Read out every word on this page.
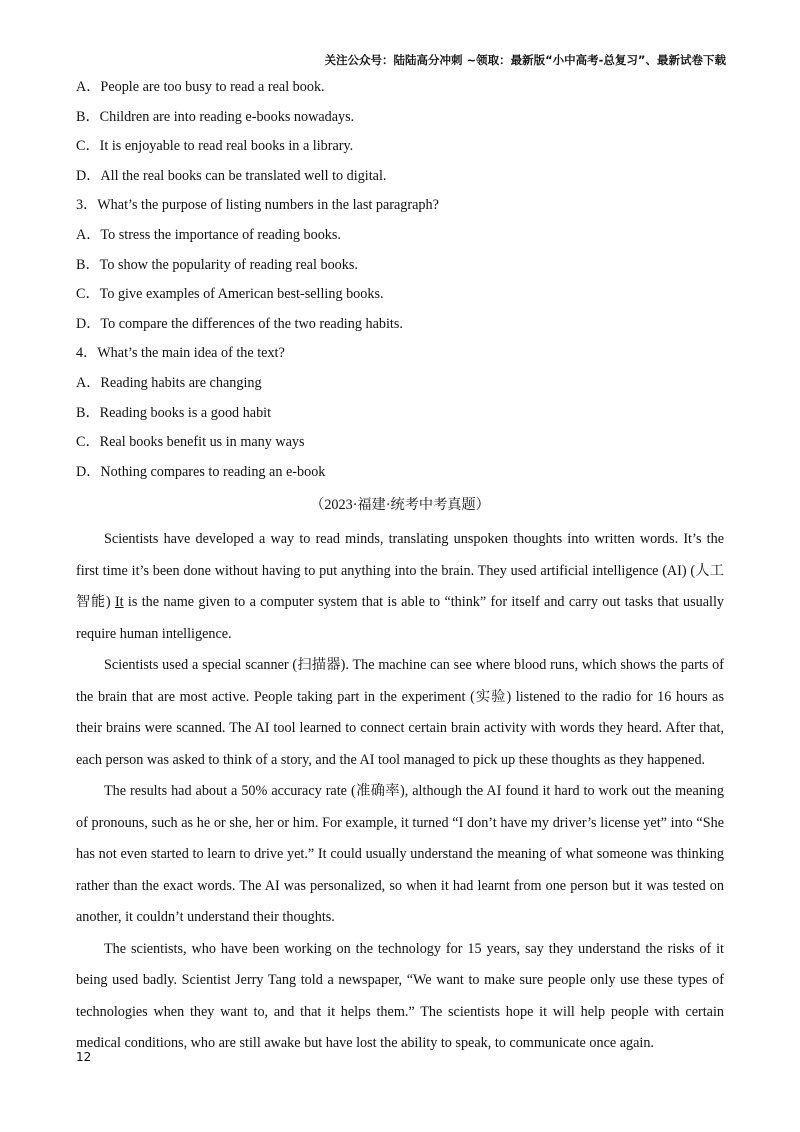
关注公众号：陆陆高分冲刺 ~领取：最新版“小中高考-总复习”、最新试卷下载
A．People are too busy to read a real book.
B．Children are into reading e-books nowadays.
C．It is enjoyable to read real books in a library.
D．All the real books can be translated well to digital.
3．What’s the purpose of listing numbers in the last paragraph?
A．To stress the importance of reading books.
B．To show the popularity of reading real books.
C．To give examples of American best-selling books.
D．To compare the differences of the two reading habits.
4．What’s the main idea of the text?
A．Reading habits are changing
B．Reading books is a good habit
C．Real books benefit us in many ways
D．Nothing compares to reading an e-book
（2023·福建·统考中考真题）

Scientists have developed a way to read minds, translating unspoken thoughts into written words. It’s the first time it’s been done without having to put anything into the brain. They used artificial intelligence (AI) (人工智能) It is the name given to a computer system that is able to “think” for itself and carry out tasks that usually require human intelligence.

Scientists used a special scanner (扫描器). The machine can see where blood runs, which shows the parts of the brain that are most active. People taking part in the experiment (实验) listened to the radio for 16 hours as their brains were scanned. The AI tool learned to connect certain brain activity with words they heard. After that, each person was asked to think of a story, and the AI tool managed to pick up these thoughts as they happened.

The results had about a 50% accuracy rate (准确率), although the AI found it hard to work out the meaning of pronouns, such as he or she, her or him. For example, it turned “I don’t have my driver’s license yet” into “She has not even started to learn to drive yet.” It could usually understand the meaning of what someone was thinking rather than the exact words. The AI was personalized, so when it had learnt from one person but it was tested on another, it couldn’t understand their thoughts.

The scientists, who have been working on the technology for 15 years, say they understand the risks of it being used badly. Scientist Jerry Tang told a newspaper, “We want to make sure people only use these types of technologies when they want to, and that it helps them.” The scientists hope it will help people with certain medical conditions, who are still awake but have lost the ability to speak, to communicate once again.

12
